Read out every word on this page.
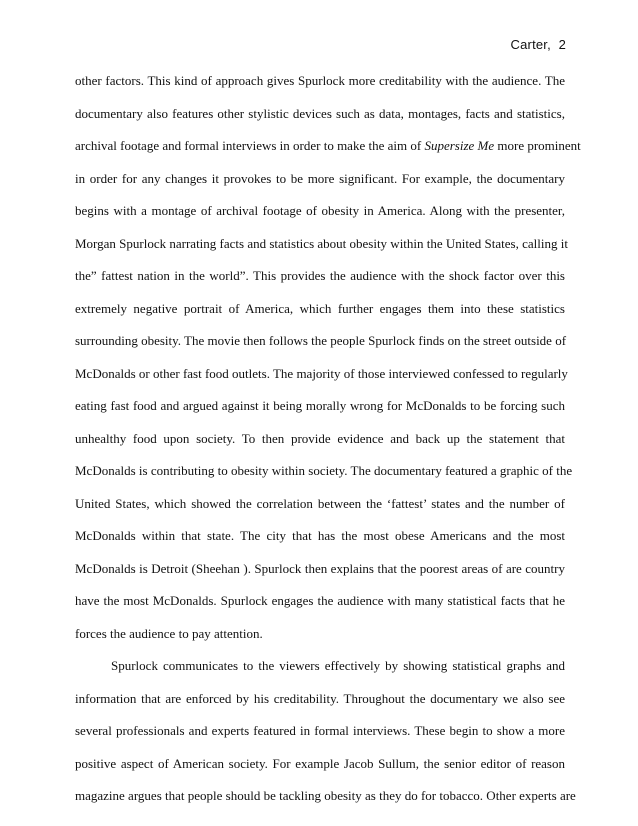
Carter, 2
other factors. This kind of approach gives Spurlock more creditability with the audience. The
documentary also features other stylistic devices such as data, montages, facts and statistics,
archival footage and formal interviews in order to make the aim of Supersize Me more prominent
in order for any changes it provokes to be more significant. For example, the documentary
begins with a montage of archival footage of obesity in America. Along with the presenter,
Morgan Spurlock narrating facts and statistics about obesity within the United States, calling it
the” fattest nation in the world”. This provides the audience with the shock factor over this
extremely negative portrait of America, which further engages them into these statistics
surrounding obesity. The movie then follows the people Spurlock finds on the street outside of
McDonalds or other fast food outlets. The majority of those interviewed confessed to regularly
eating fast food and argued against it being morally wrong for McDonalds to be forcing such
unhealthy food upon society. To then provide evidence and back up the statement that
McDonalds is contributing to obesity within society. The documentary featured a graphic of the
United States, which showed the correlation between the ‘fattest’ states and the number of
McDonalds within that state. The city that has the most obese Americans and the most
McDonalds is Detroit (Sheehan ). Spurlock then explains that the poorest areas of are country
have the most McDonalds. Spurlock engages the audience with many statistical facts that he
forces the audience to pay attention.
Spurlock communicates to the viewers effectively by showing statistical graphs and
information that are enforced by his creditability. Throughout the documentary we also see
several professionals and experts featured in formal interviews. These begin to show a more
positive aspect of American society. For example Jacob Sullum, the senior editor of reason
magazine argues that people should be tackling obesity as they do for tobacco. Other experts are
